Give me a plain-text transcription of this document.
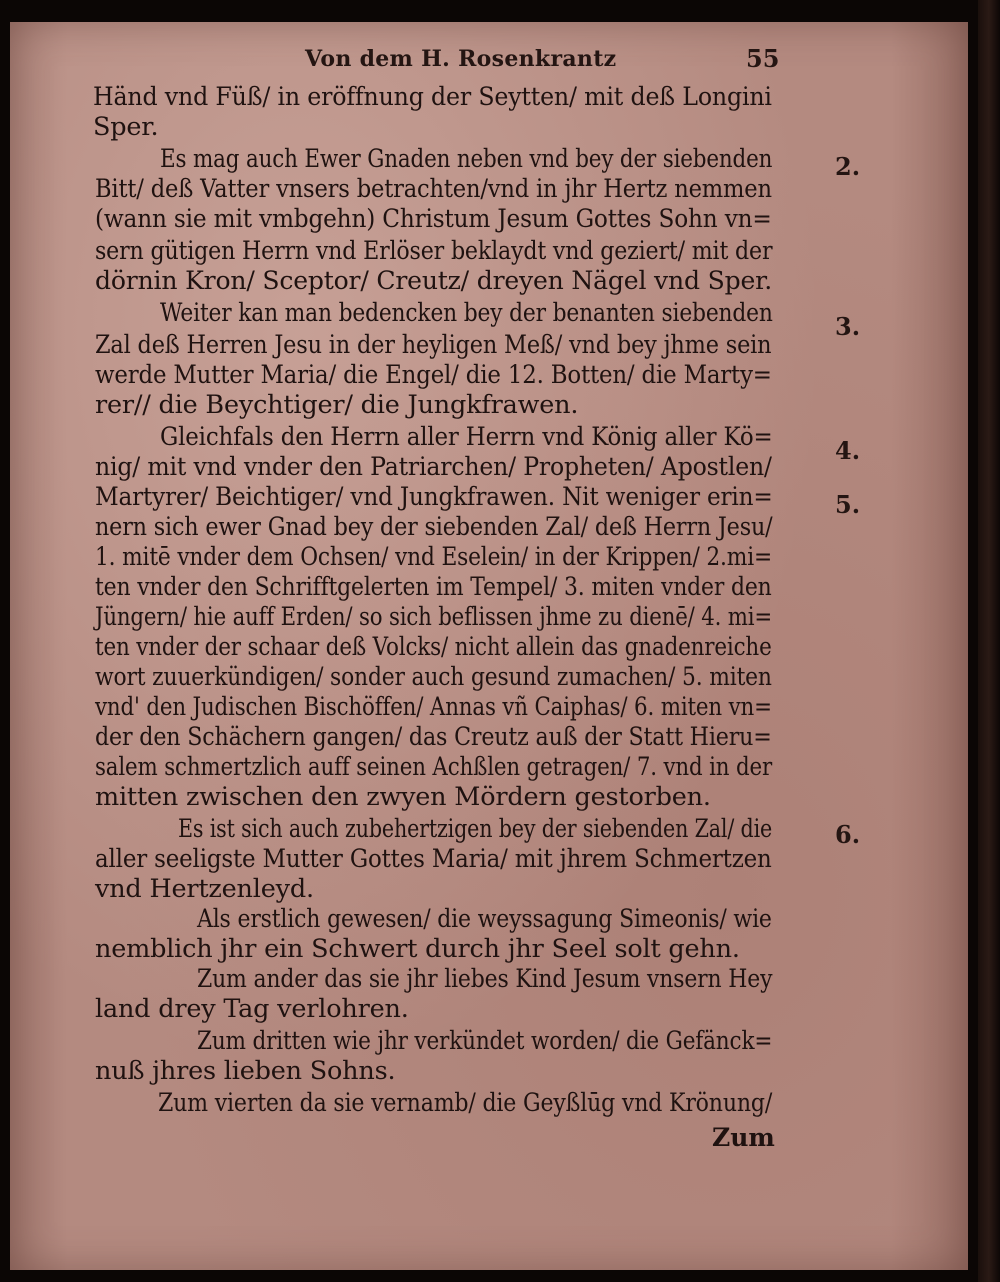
Von dem H. Rosenkrantz	55
Händ vnd Füß/ in eröffnung der Seytten/ mit deß Longini
Sper.
Es mag auch Ewer Gnaden neben vnd bey der siebenden
Bitt/ deß Vatter vnsers betrachten/vnd in jhr Hertz nemmen
(wann sie mit vmbgehn) Christum Jesum Gottes Sohn vn=
sern gütigen Herrn vnd Erlöser beklaydt vnd geziert/ mit der
dörnin Kron/ Sceptor/ Creutz/ dreyen Nägel vnd Sper.
Weiter kan man bedencken bey der benanten siebenden
Zal deß Herren Jesu in der heyligen Meß/ vnd bey jhme sein
werde Mutter Maria/ die Engel/ die 12. Botten/ die Marty=
rer// die Beychtiger/ die Jungkfrawen.
Gleichfals den Herrn aller Herrn vnd König aller Kö=
nig/ mit vnd vnder den Patriarchen/ Propheten/ Apostlen/
Martyrer/ Beichtiger/ vnd Jungkfrawen. Nit weniger erin=
nern sich ewer Gnad bey der siebenden Zal/ deß Herrn Jesu/
1. mitē vnder dem Ochsen/ vnd Eselein/ in der Krippen/ 2.mi=
ten vnder den Schrifftgelerten im Tempel/ 3. miten vnder den
Jüngern/ hie auff Erden/ so sich beflissen jhme zu dienē/ 4. mi=
ten vnder der schaar deß Volcks/ nicht allein das gnadenreiche
wort zuuerkündigen/ sonder auch gesund zumachen/ 5. miten
vnd' den Judischen Bischöffen/ Annas vñ Caiphas/ 6. miten vn=
der den Schächern gangen/ das Creutz auß der Statt Hieru=
salem schmertzlich auff seinen Achßlen getragen/ 7. vnd in der
mitten zwischen den zwyen Mördern gestorben.
Es ist sich auch zubehertzigen bey der siebenden Zal/ die
aller seeligste Mutter Gottes Maria/ mit jhrem Schmertzen
vnd Hertzenleyd.
Als erstlich gewesen/ die weyssagung Simeonis/ wie
nemblich jhr ein Schwert durch jhr Seel solt gehn.
Zum ander das sie jhr liebes Kind Jesum vnsern Hey
land drey Tag verlohren.
Zum dritten wie jhr verkündet worden/ die Gefänck=
nuß jhres lieben Sohns.
Zum vierten da sie vernamb/ die Geyßlūg vnd Krönung/
Zum
2.
3.
4.
5.
6.
